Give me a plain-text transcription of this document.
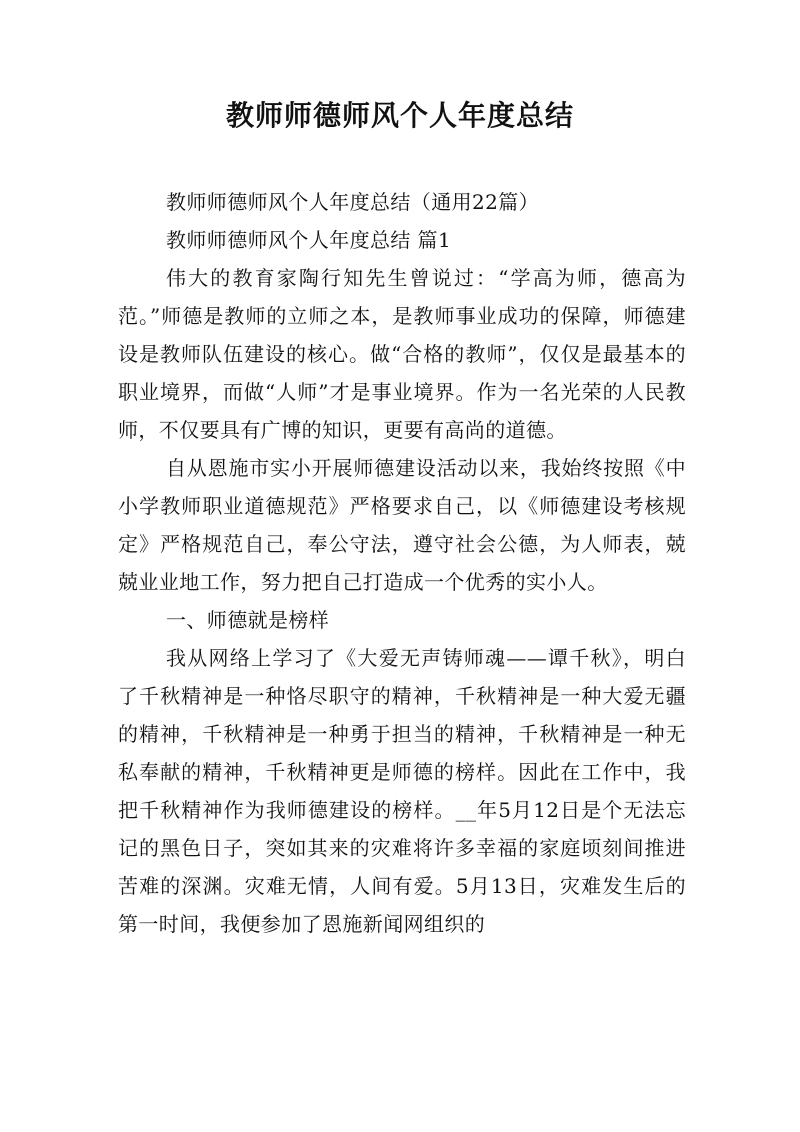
教师师德师风个人年度总结

教师师德师风个人年度总结（通用22篇）

教师师德师风个人年度总结 篇1

伟大的教育家陶行知先生曾说过：“学高为师，德高为范。”师德是教师的立师之本，是教师事业成功的保障，师德建设是教师队伍建设的核心。做“合格的教师”，仅仅是最基本的职业境界，而做“人师”才是事业境界。作为一名光荣的人民教师，不仅要具有广博的知识，更要有高尚的道德。

自从恩施市实小开展师德建设活动以来，我始终按照《中小学教师职业道德规范》严格要求自己，以《师德建设考核规定》严格规范自己，奉公守法，遵守社会公德，为人师表，兢兢业业地工作，努力把自己打造成一个优秀的实小人。

一、师德就是榜样

我从网络上学习了《大爱无声铸师魂——谭千秋》，明白了千秋精神是一种恪尽职守的精神，千秋精神是一种大爱无疆的精神，千秋精神是一种勇于担当的精神，千秋精神是一种无私奉献的精神，千秋精神更是师德的榜样。因此在工作中，我把千秋精神作为我师德建设的榜样。__年5月12日是个无法忘记的黑色日子，突如其来的灾难将许多幸福的家庭顷刻间推进苦难的深渊。灾难无情，人间有爱。5月13日，灾难发生后的第一时间，我便参加了恩施新闻网组织的
